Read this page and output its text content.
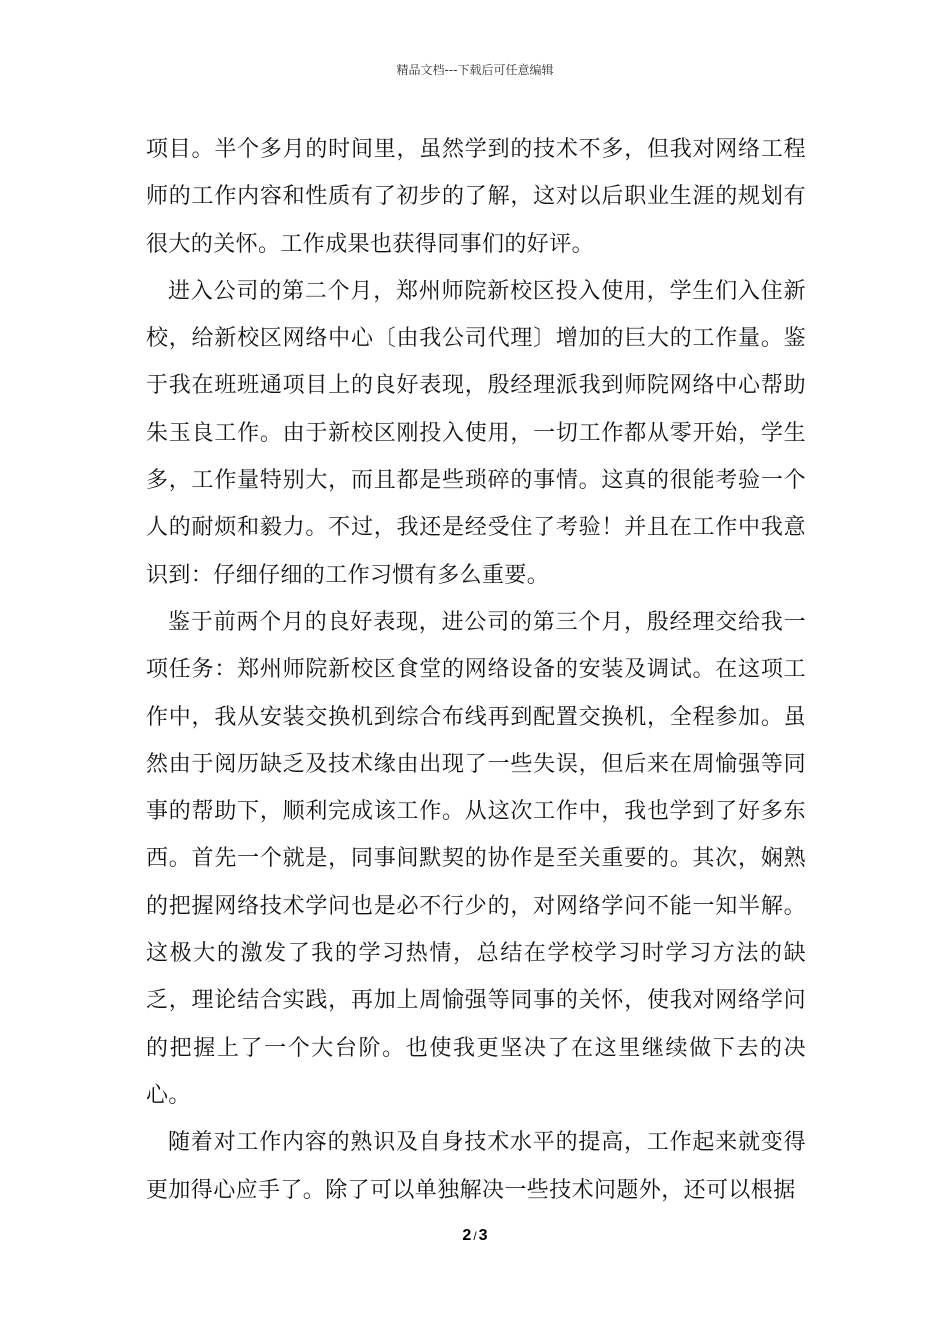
精品文档---下载后可任意编辑

项目。半个多月的时间里，虽然学到的技术不多，但我对网络工程师的工作内容和性质有了初步的了解，这对以后职业生涯的规划有很大的关怀。工作成果也获得同事们的好评。

进入公司的第二个月，郑州师院新校区投入使用，学生们入住新校，给新校区网络中心〔由我公司代理〕增加的巨大的工作量。鉴于我在班班通项目上的良好表现，殷经理派我到师院网络中心帮助朱玉良工作。由于新校区刚投入使用，一切工作都从零开始，学生多，工作量特别大，而且都是些琐碎的事情。这真的很能考验一个人的耐烦和毅力。不过，我还是经受住了考验！并且在工作中我意识到：仔细仔细的工作习惯有多么重要。

鉴于前两个月的良好表现，进公司的第三个月，殷经理交给我一项任务：郑州师院新校区食堂的网络设备的安装及调试。在这项工作中，我从安装交换机到综合布线再到配置交换机，全程参加。虽然由于阅历缺乏及技术缘由出现了一些失误，但后来在周愉强等同事的帮助下，顺利完成该工作。从这次工作中，我也学到了好多东西。首先一个就是，同事间默契的协作是至关重要的。其次，娴熟的把握网络技术学问也是必不行少的，对网络学问不能一知半解。这极大的激发了我的学习热情，总结在学校学习时学习方法的缺乏，理论结合实践，再加上周愉强等同事的关怀，使我对网络学问的把握上了一个大台阶。也使我更坚决了在这里继续做下去的决心。

随着对工作内容的熟识及自身技术水平的提高，工作起来就变得更加得心应手了。除了可以单独解决一些技术问题外，还可以根据

2 / 3
